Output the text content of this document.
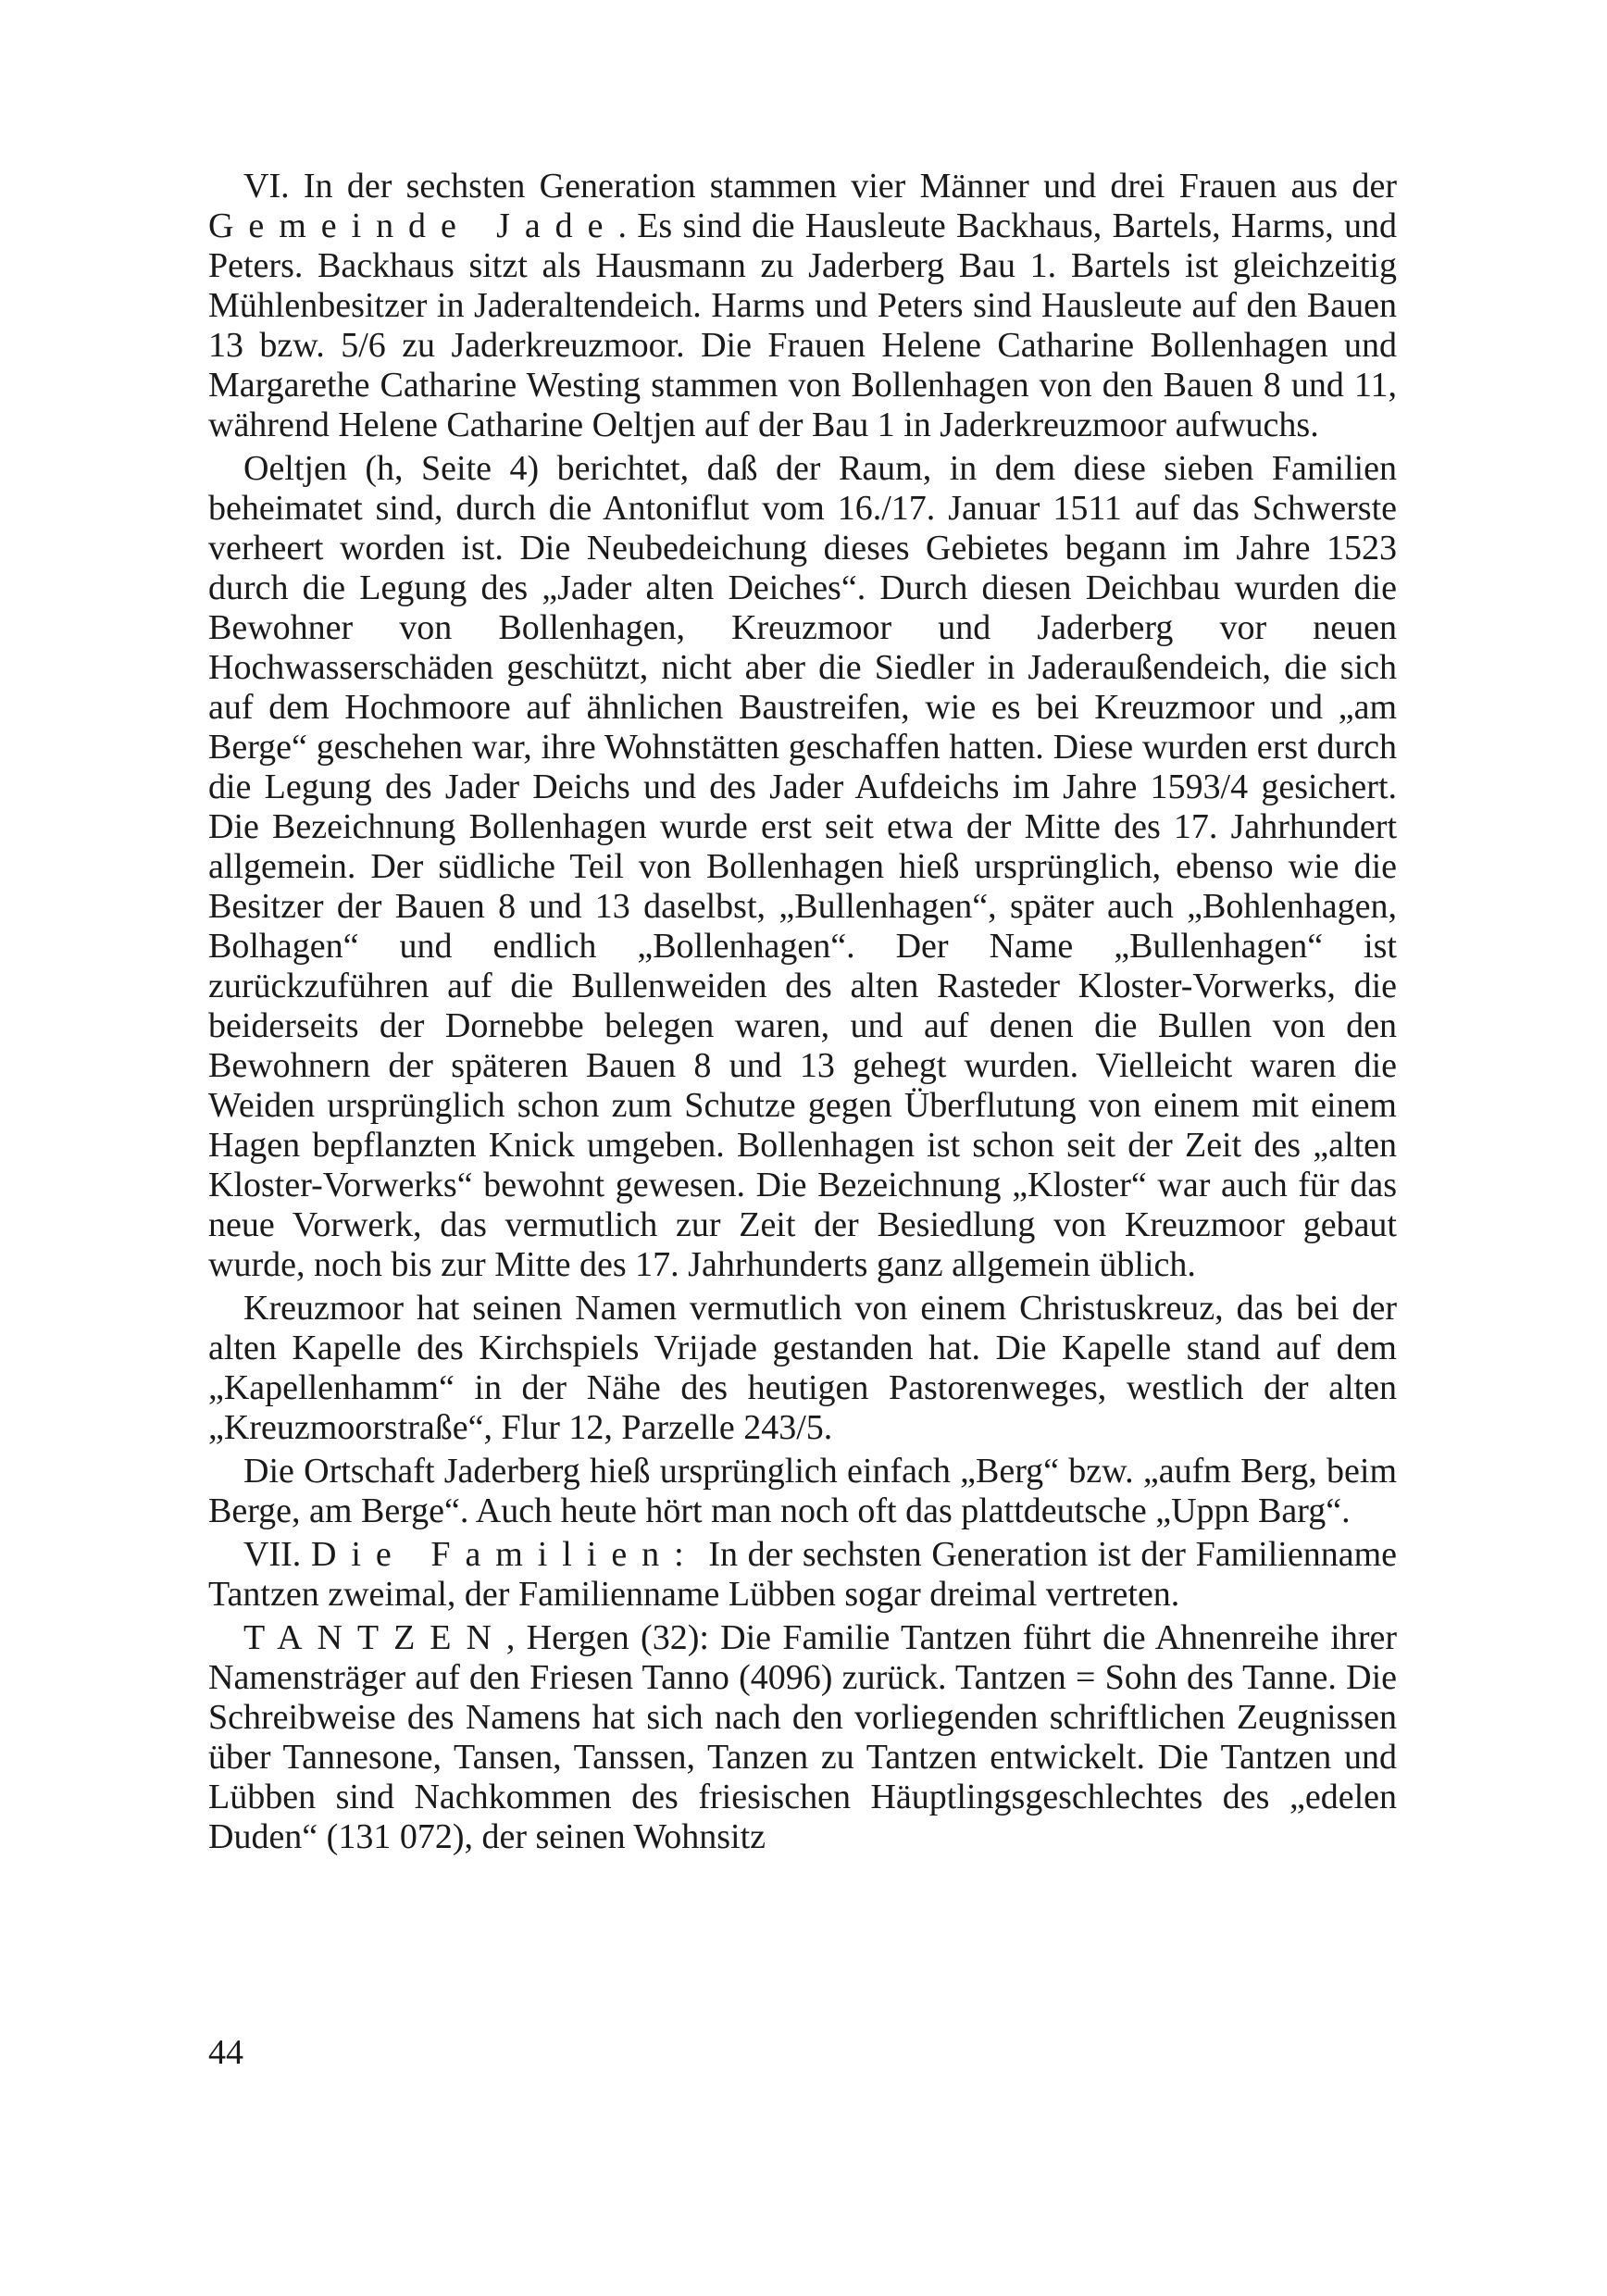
VI. In der sechsten Generation stammen vier Männer und drei Frauen aus der Gemeinde Jade. Es sind die Hausleute Backhaus, Bartels, Harms, und Peters. Backhaus sitzt als Hausmann zu Jaderberg Bau 1. Bartels ist gleichzeitig Mühlenbesitzer in Jaderaltendeich. Harms und Peters sind Hausleute auf den Bauen 13 bzw. 5/6 zu Jaderkreuzmoor. Die Frauen Helene Catharine Bollenhagen und Margarethe Catharine Westing stammen von Bollenhagen von den Bauen 8 und 11, während Helene Catharine Oeltjen auf der Bau 1 in Jaderkreuzmoor aufwuchs.

Oeltjen (h, Seite 4) berichtet, daß der Raum, in dem diese sieben Familien beheimatet sind, durch die Antoniflut vom 16./17. Januar 1511 auf das Schwerste verheert worden ist. Die Neubedeichung dieses Gebietes begann im Jahre 1523 durch die Legung des „Jader alten Deiches“. Durch diesen Deichbau wurden die Bewohner von Bollenhagen, Kreuzmoor und Jaderberg vor neuen Hochwasserschäden geschützt, nicht aber die Siedler in Jaderaußendeich, die sich auf dem Hochmoore auf ähnlichen Baustreifen, wie es bei Kreuzmoor und „am Berge“ geschehen war, ihre Wohnstätten geschaffen hatten. Diese wurden erst durch die Legung des Jader Deichs und des Jader Aufdeichs im Jahre 1593/4 gesichert. Die Bezeichnung Bollenhagen wurde erst seit etwa der Mitte des 17. Jahrhundert allgemein. Der südliche Teil von Bollenhagen hieß ursprünglich, ebenso wie die Besitzer der Bauen 8 und 13 daselbst, „Bullenhagen“, später auch „Bohlenhagen, Bolhagen“ und endlich „Bollenhagen“. Der Name „Bullenhagen“ ist zurückzuführen auf die Bullenweiden des alten Rasteder Kloster-Vorwerks, die beiderseits der Dornebbe belegen waren, und auf denen die Bullen von den Bewohnern der späteren Bauen 8 und 13 gehegt wurden. Vielleicht waren die Weiden ursprünglich schon zum Schutze gegen Überflutung von einem mit einem Hagen bepflanzten Knick umgeben. Bollenhagen ist schon seit der Zeit des „alten Kloster-Vorwerks“ bewohnt gewesen. Die Bezeichnung „Kloster“ war auch für das neue Vorwerk, das vermutlich zur Zeit der Besiedlung von Kreuzmoor gebaut wurde, noch bis zur Mitte des 17. Jahrhunderts ganz allgemein üblich.

Kreuzmoor hat seinen Namen vermutlich von einem Christuskreuz, das bei der alten Kapelle des Kirchspiels Vrijade gestanden hat. Die Kapelle stand auf dem „Kapellenhamm“ in der Nähe des heutigen Pastorenweges, westlich der alten „Kreuzmoorstraße“, Flur 12, Parzelle 243/5.

Die Ortschaft Jaderberg hieß ursprünglich einfach „Berg“ bzw. „aufm Berg, beim Berge, am Berge“. Auch heute hört man noch oft das plattdeutsche „Uppn Barg“.

VII. Die Familien: In der sechsten Generation ist der Familienname Tantzen zweimal, der Familienname Lübben sogar dreimal vertreten.

TANTZEN, Hergen (32): Die Familie Tantzen führt die Ahnenreihe ihrer Namensträger auf den Friesen Tanno (4096) zurück. Tantzen = Sohn des Tanne. Die Schreibweise des Namens hat sich nach den vorliegenden schriftlichen Zeugnissen über Tannesone, Tansen, Tanssen, Tanzen zu Tantzen entwickelt. Die Tantzen und Lübben sind Nachkommen des friesischen Häuptlingsgeschlechtes des „edelen Duden“ (131 072), der seinen Wohnsitz

44
